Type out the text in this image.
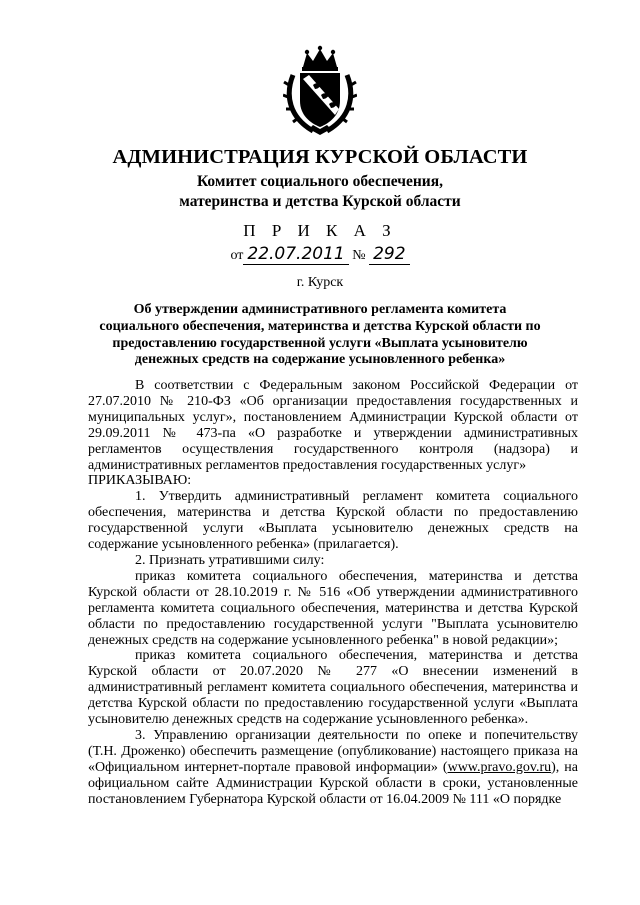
АДМИНИСТРАЦИЯ КУРСКОЙ ОБЛАСТИ
Комитет социального обеспечения,
материнства и детства Курской области
П Р И К А З
от 22.07.2011 № 292
г. Курск
Об утверждении административного регламента комитета социального обеспечения, материнства и детства Курской области по предоставлению государственной услуги «Выплата усыновителю денежных средств на содержание усыновленного ребенка»

В соответствии с Федеральным законом Российской Федерации от 27.07.2010 № 210-ФЗ «Об организации предоставления государственных и муниципальных услуг», постановлением Администрации Курской области от 29.09.2011 № 473-па «О разработке и утверждении административных регламентов осуществления государственного контроля (надзора) и административных регламентов предоставления государственных услуг»

ПРИКАЗЫВАЮ:

1. Утвердить административный регламент комитета социального обеспечения, материнства и детства Курской области по предоставлению государственной услуги «Выплата усыновителю денежных средств на содержание усыновленного ребенка» (прилагается).

2. Признать утратившими силу:

приказ комитета социального обеспечения, материнства и детства Курской области от 28.10.2019 г. № 516 «Об утверждении административного регламента комитета социального обеспечения, материнства и детства Курской области по предоставлению государственной услуги "Выплата усыновителю денежных средств на содержание усыновленного ребенка" в новой редакции»;

приказ комитета социального обеспечения, материнства и детства Курской области от 20.07.2020 № 277 «О внесении изменений в административный регламент комитета социального обеспечения, материнства и детства Курской области по предоставлению государственной услуги «Выплата усыновителю денежных средств на содержание усыновленного ребенка».

3. Управлению организации деятельности по опеке и попечительству (Т.Н. Дроженко) обеспечить размещение (опубликование) настоящего приказа на «Официальном интернет-портале правовой информации» (www.pravo.gov.ru), на официальном сайте Администрации Курской области в сроки, установленные постановлением Губернатора Курской области от 16.04.2009 № 111 «О порядке
